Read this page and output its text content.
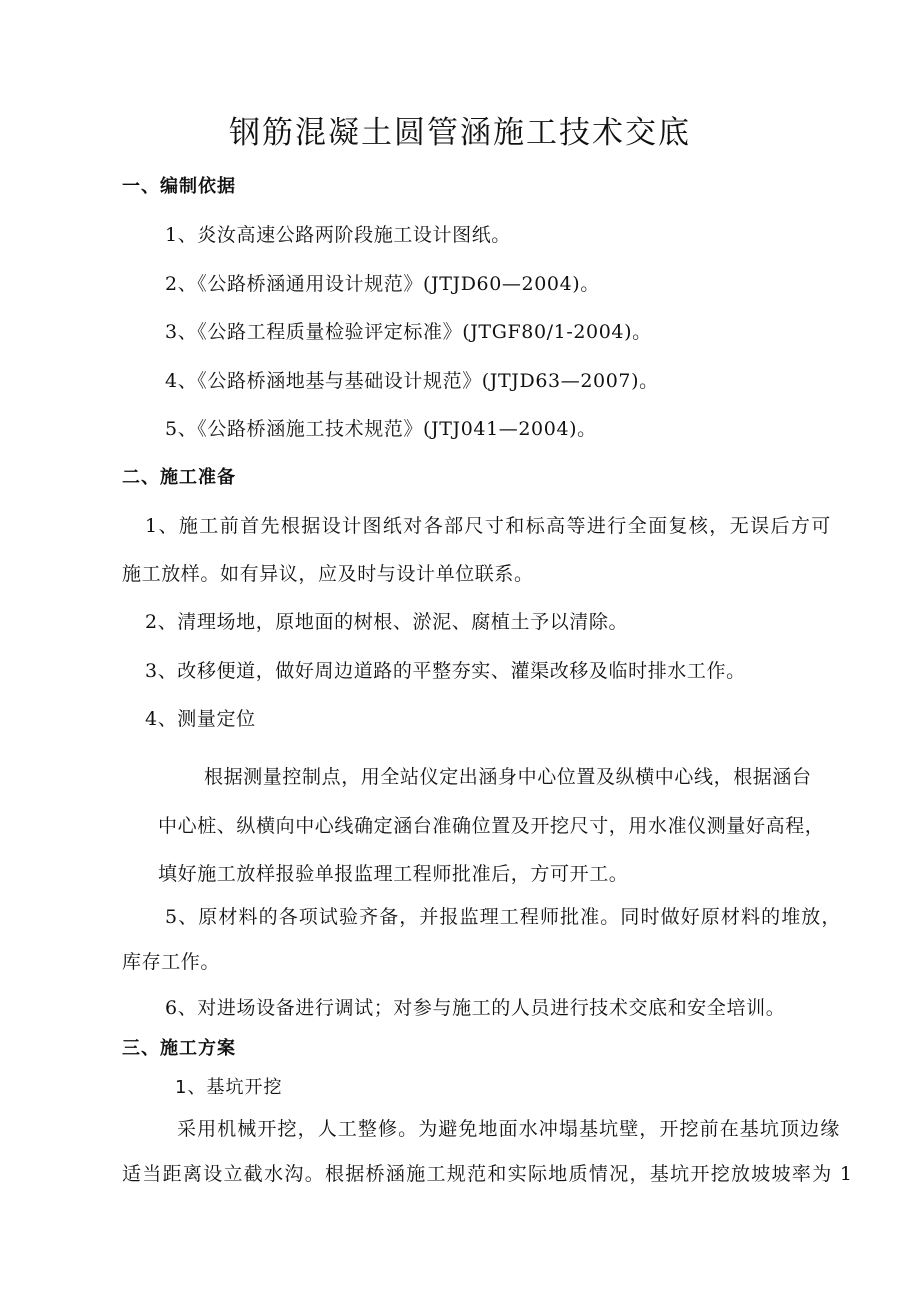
钢筋混凝土圆管涵施工技术交底
一、编制依据
1、炎汝高速公路两阶段施工设计图纸。
2、《公路桥涵通用设计规范》(JTJD60—2004)。
3、《公路工程质量检验评定标准》(JTGF80/1-2004)。
4、《公路桥涵地基与基础设计规范》(JTJD63—2007)。
5、《公路桥涵施工技术规范》(JTJ041—2004)。
二、施工准备
1、施工前首先根据设计图纸对各部尺寸和标高等进行全面复核，无误后方可
施工放样。如有异议，应及时与设计单位联系。
2、清理场地，原地面的树根、淤泥、腐植土予以清除。
3、改移便道，做好周边道路的平整夯实、灌渠改移及临时排水工作。
4、测量定位
根据测量控制点，用全站仪定出涵身中心位置及纵横中心线，根据涵台
中心桩、纵横向中心线确定涵台准确位置及开挖尺寸，用水准仪测量好高程，
填好施工放样报验单报监理工程师批准后，方可开工。
5、原材料的各项试验齐备，并报监理工程师批准。同时做好原材料的堆放，
库存工作。
6、对进场设备进行调试；对参与施工的人员进行技术交底和安全培训。
三、施工方案
1、基坑开挖
采用机械开挖，人工整修。为避免地面水冲塌基坑壁，开挖前在基坑顶边缘
适当距离设立截水沟。根据桥涵施工规范和实际地质情况，基坑开挖放坡坡率为 1
